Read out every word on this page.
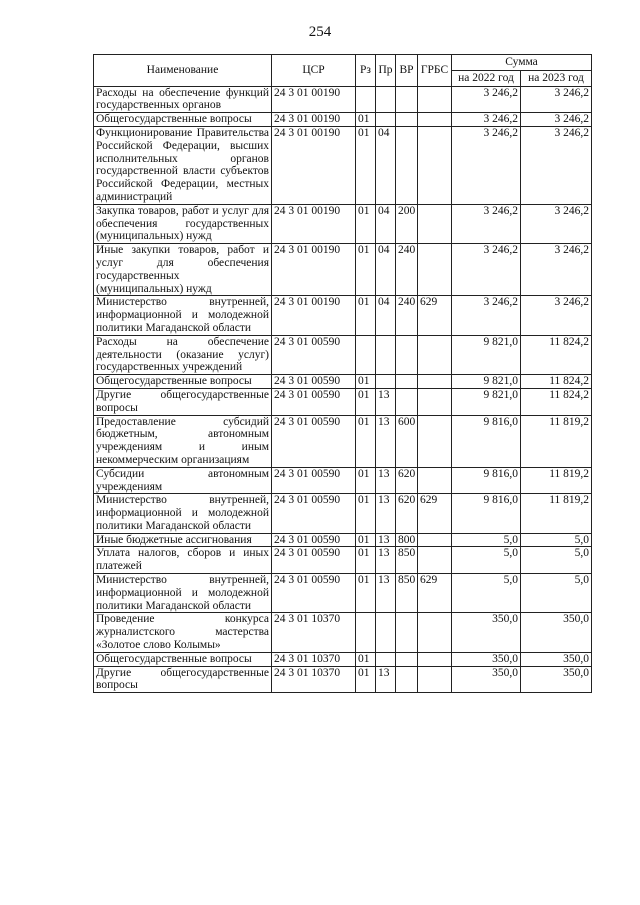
254
Наименование	ЦСР	Рз	Пр	ВР	ГРБС	Сумма	
						на 2022 год	на 2023 год
Расходы на обеспечение функций государственных органов	24 3 01 00190					3 246,2	3 246,2
Общегосударственные вопросы	24 3 01 00190	01				3 246,2	3 246,2
Функционирование Правительства Российской Федерации, высших исполнительных органов государственной власти субъектов Российской Федерации, местных администраций	24 3 01 00190	01	04			3 246,2	3 246,2
Закупка товаров, работ и услуг для обеспечения государственных (муниципальных) нужд	24 3 01 00190	01	04	200		3 246,2	3 246,2
Иные закупки товаров, работ и услуг для обеспечения государственных (муниципальных) нужд	24 3 01 00190	01	04	240		3 246,2	3 246,2
Министерство внутренней, информационной и молодежной политики Магаданской области	24 3 01 00190	01	04	240	629	3 246,2	3 246,2
Расходы на обеспечение деятельности (оказание услуг) государственных учреждений	24 3 01 00590					9 821,0	11 824,2
Общегосударственные вопросы	24 3 01 00590	01				9 821,0	11 824,2
Другие общегосударственные вопросы	24 3 01 00590	01	13			9 821,0	11 824,2
Предоставление субсидий бюджетным, автономным учреждениям и иным некоммерческим организациям	24 3 01 00590	01	13	600		9 816,0	11 819,2
Субсидии автономным учреждениям	24 3 01 00590	01	13	620		9 816,0	11 819,2
Министерство внутренней, информационной и молодежной политики Магаданской области	24 3 01 00590	01	13	620	629	9 816,0	11 819,2
Иные бюджетные ассигнования	24 3 01 00590	01	13	800		5,0	5,0
Уплата налогов, сборов и иных платежей	24 3 01 00590	01	13	850		5,0	5,0
Министерство внутренней, информационной и молодежной политики Магаданской области	24 3 01 00590	01	13	850	629	5,0	5,0
Проведение конкурса журналистского мастерства «Золотое слово Колымы»	24 3 01 10370					350,0	350,0
Общегосударственные вопросы	24 3 01 10370	01				350,0	350,0
Другие общегосударственные вопросы	24 3 01 10370	01	13			350,0	350,0
